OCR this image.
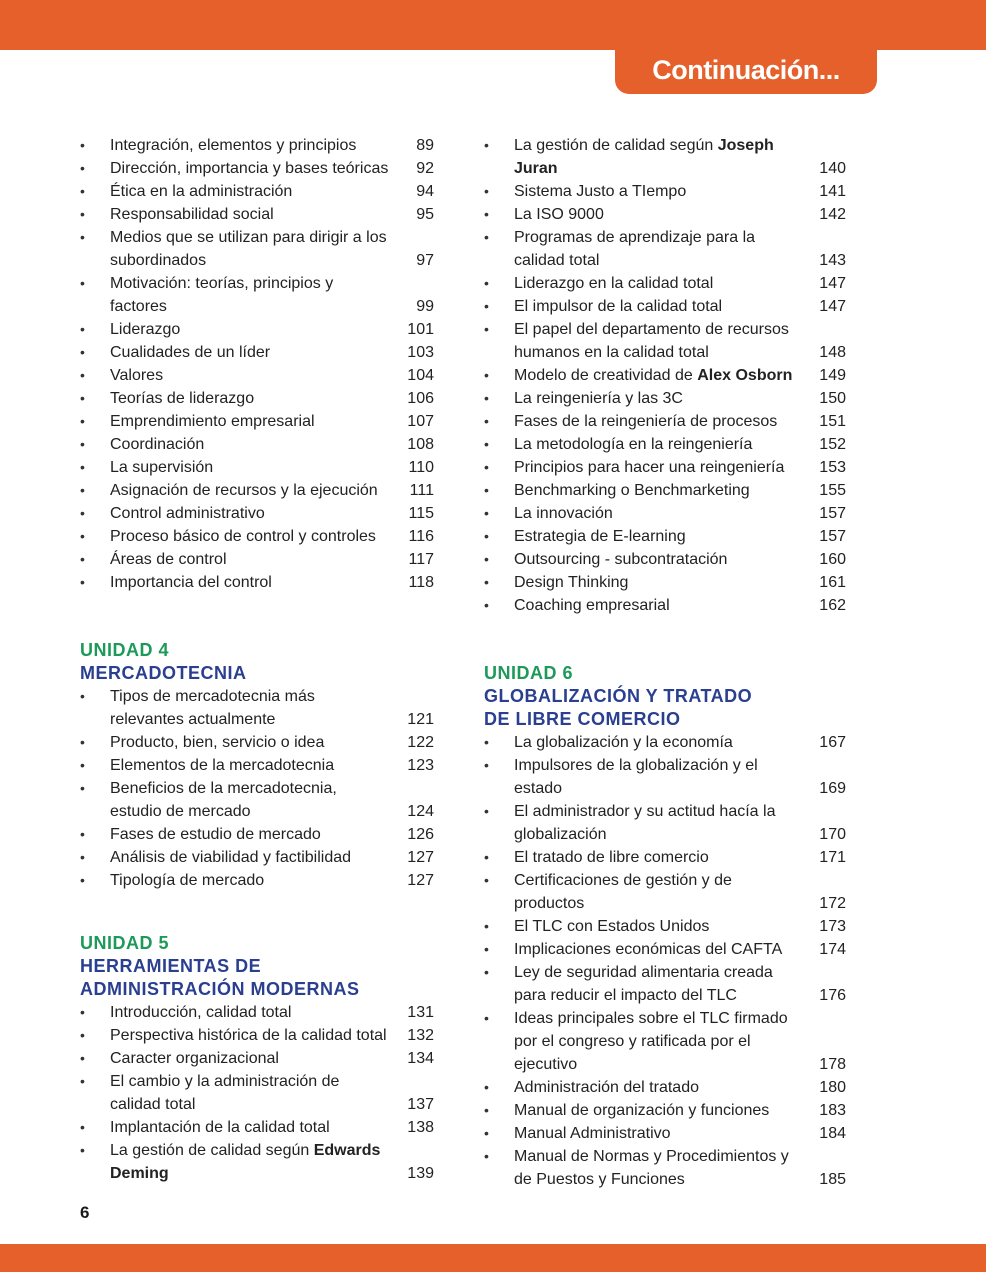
Continuación...
• Integración, elementos y principios	89
• Dirección, importancia y bases teóricas 92
• Ética en la administración	94
• Responsabilidad social	95
• Medios que se utilizan para dirigir a los subordinados	97
• Motivación: teorías, principios y factores	99
• Liderazgo	101
• Cualidades de un líder	103
• Valores	104
• Teorías de liderazgo	106
• Emprendimiento empresarial	107
• Coordinación	108
• La supervisión	110
• Asignación de recursos y la ejecución 111
• Control administrativo	115
• Proceso básico de control y controles 116
• Áreas de control	117
• Importancia del control	118
UNIDAD 4
MERCADOTECNIA
• Tipos de mercadotecnia más relevantes actualmente	121
• Producto, bien, servicio o idea	122
• Elementos de la mercadotecnia	123
• Beneficios de la mercadotecnia, estudio de mercado	124
• Fases de estudio de mercado	126
• Análisis de viabilidad y factibilidad	127
• Tipología de mercado	127
UNIDAD 5
HERRAMIENTAS DE
ADMINISTRACIÓN MODERNAS
• Introducción, calidad total	131
• Perspectiva histórica de la calidad total 132
• Caracter organizacional	134
• El cambio y la administración de calidad total	137
• Implantación de la calidad total	138
• La gestión de calidad según Edwards Deming	139
• La gestión de calidad según Joseph Juran	140
• Sistema Justo a TIempo	141
• La ISO 9000	142
• Programas de aprendizaje para la calidad total	143
• Liderazgo en la calidad total	147
• El impulsor de la calidad total	147
• El papel del departamento de recursos humanos en la calidad total	148
• Modelo de creatividad de Alex Osborn 149
• La reingeniería y las 3C	150
• Fases de la reingeniería de procesos	151
• La metodología en la reingeniería	152
• Principios para hacer una reingeniería 153
• Benchmarking o Benchmarketing	155
• La innovación	157
• Estrategia de E-learning	157
• Outsourcing - subcontratación	160
• Design Thinking	161
• Coaching empresarial	162
UNIDAD 6
GLOBALIZACIÓN Y TRATADO
DE LIBRE COMERCIO
• La globalización y la economía	167
• Impulsores de la globalización y el estado	169
• El administrador y su actitud hacía la globalización	170
• El tratado de libre comercio	171
• Certificaciones de gestión y de productos	172
• El TLC con Estados Unidos	173
• Implicaciones económicas del CAFTA 174
• Ley de seguridad alimentaria creada para reducir el impacto del TLC	176
• Ideas principales sobre el TLC firmado por el congreso y ratificada por el ejecutivo	178
• Administración del tratado	180
• Manual de organización y funciones	183
• Manual Administrativo	184
• Manual de Normas y Procedimientos y de Puestos y Funciones	185
6
